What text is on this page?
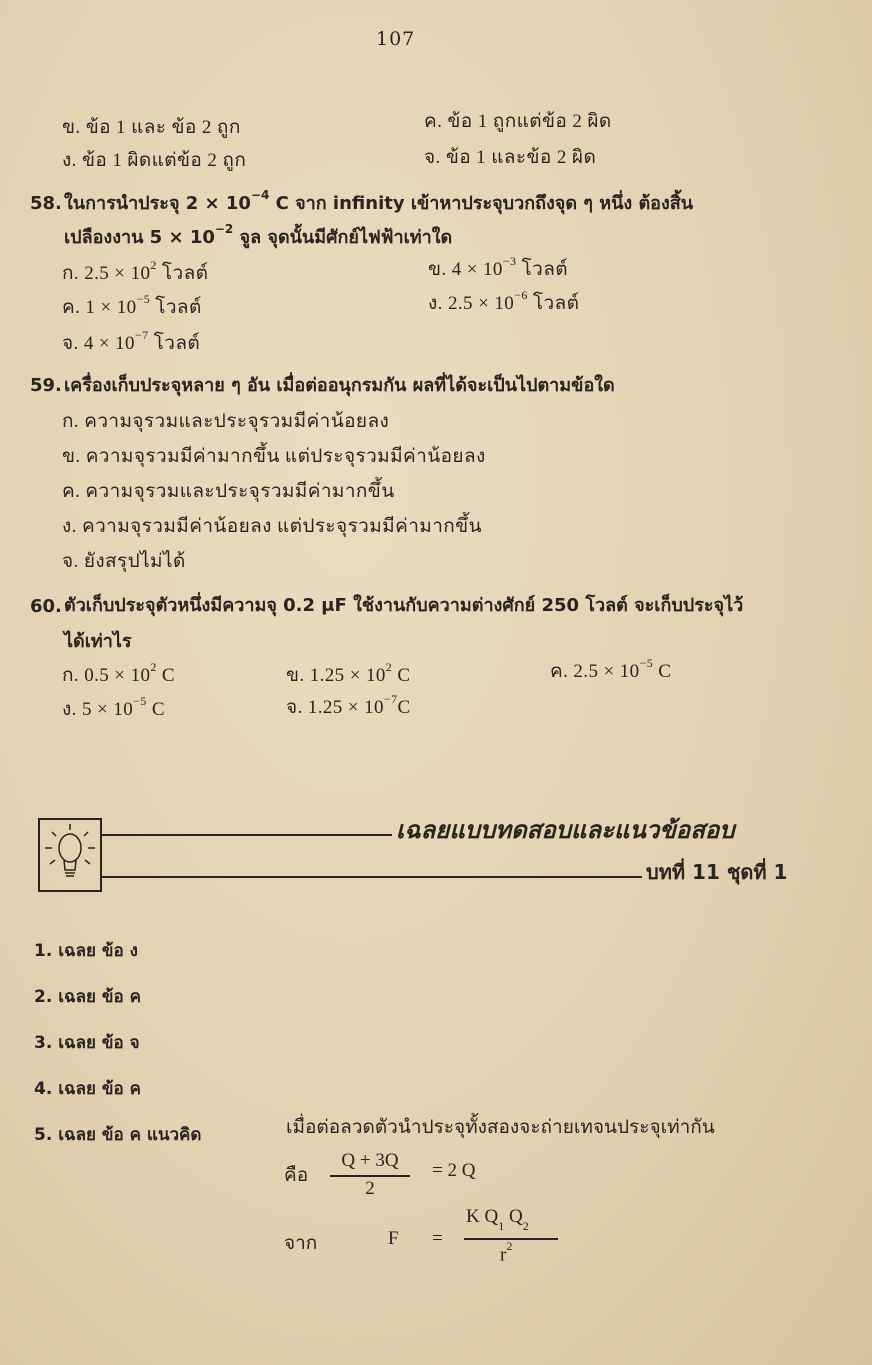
107
ข. ข้อ 1 และ ข้อ 2 ถูก	ค. ข้อ 1 ถูกแต่ข้อ 2 ผิด
ง. ข้อ 1 ผิดแต่ข้อ 2 ถูก	จ. ข้อ 1 และข้อ 2 ผิด
58. ในการนำประจุ $2 \times 10^{-4}$ C จาก infinity เข้าหาประจุบวกถึงจุด ๆ หนึ่ง ต้องสิ้น
เปลืองงาน $5 \times 10^{-2}$ จูล จุดนั้นมีศักย์ไฟฟ้าเท่าใด
ก. $2.5 \times 10^2$ โวลต์	ข. $4 \times 10^{-3}$ โวลต์
ค. $1 \times 10^{-5}$ โวลต์	ง. $2.5 \times 10^{-6}$ โวลต์
จ. $4 \times 10^{-7}$ โวลต์
59. เครื่องเก็บประจุหลาย ๆ อัน เมื่อต่ออนุกรมกัน ผลที่ได้จะเป็นไปตามข้อใด
ก. ความจุรวมและประจุรวมมีค่าน้อยลง
ข. ความจุรวมมีค่ามากขึ้น แต่ประจุรวมมีค่าน้อยลง
ค. ความจุรวมและประจุรวมมีค่ามากขึ้น
ง. ความจุรวมมีค่าน้อยลง แต่ประจุรวมมีค่ามากขึ้น
จ. ยังสรุปไม่ได้
60. ตัวเก็บประจุตัวหนึ่งมีความจุ 0.2 μF ใช้งานกับความต่างศักย์ 250 โวลต์ จะเก็บประจุไว้
ได้เท่าไร
ก. $0.5 \times 10^2$ C	ข. $1.25 \times 10^2$ C	ค. $2.5 \times 10^{-5}$ C
ง. $5 \times 10^{-5}$ C	จ. $1.25 \times 10^{-7}C$
เฉลยแบบทดสอบและแนวข้อสอบ
บทที่ 11 ชุดที่ 1
1. เฉลย ข้อ ง
2. เฉลย ข้อ ค
3. เฉลย ข้อ จ
4. เฉลย ข้อ ค
5. เฉลย ข้อ ค แนวคิด	เมื่อต่อลวดตัวนำประจุทั้งสองจะถ่ายเทจนประจุเท่ากัน
คือ
Q + 3Q
2
= 2 Q
จาก	F =
K $Q_1$ $Q_2$
$r^2$
